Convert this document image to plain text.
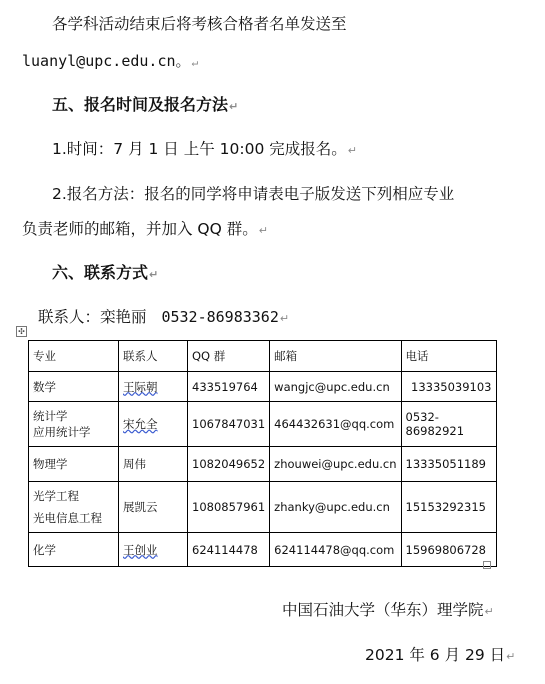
各学科活动结束后将考核合格者名单发送至
luanyl@upc.edu.cn。↵
五、报名时间及报名方法↵
1.时间：7 月 1 日 上午 10:00 完成报名。↵
2.报名方法：报名的同学将申请表电子版发送下列相应专业
负责老师的邮箱，并加入 QQ 群。↵
六、联系方式↵
联系人：栾艳丽 0532-86983362↵
✣
专业	联系人	QQ 群	邮箱	电话
数学	王际朝	433519764	wangjc@upc.edu.cn	13335039103

统计学
应用统计学	宋允全	1067847031	464432631@qq.com	0532-86982921
物理学	周伟	1082049652	zhouwei@upc.edu.cn	13335051189

光学工程
光电信息工程	展凯云	1080857961	zhanky@upc.edu.cn	15153292315
化学	王创业	624114478	624114478@qq.com	15969806728
中国石油大学（华东）理学院↵
2021 年 6 月 29 日↵
